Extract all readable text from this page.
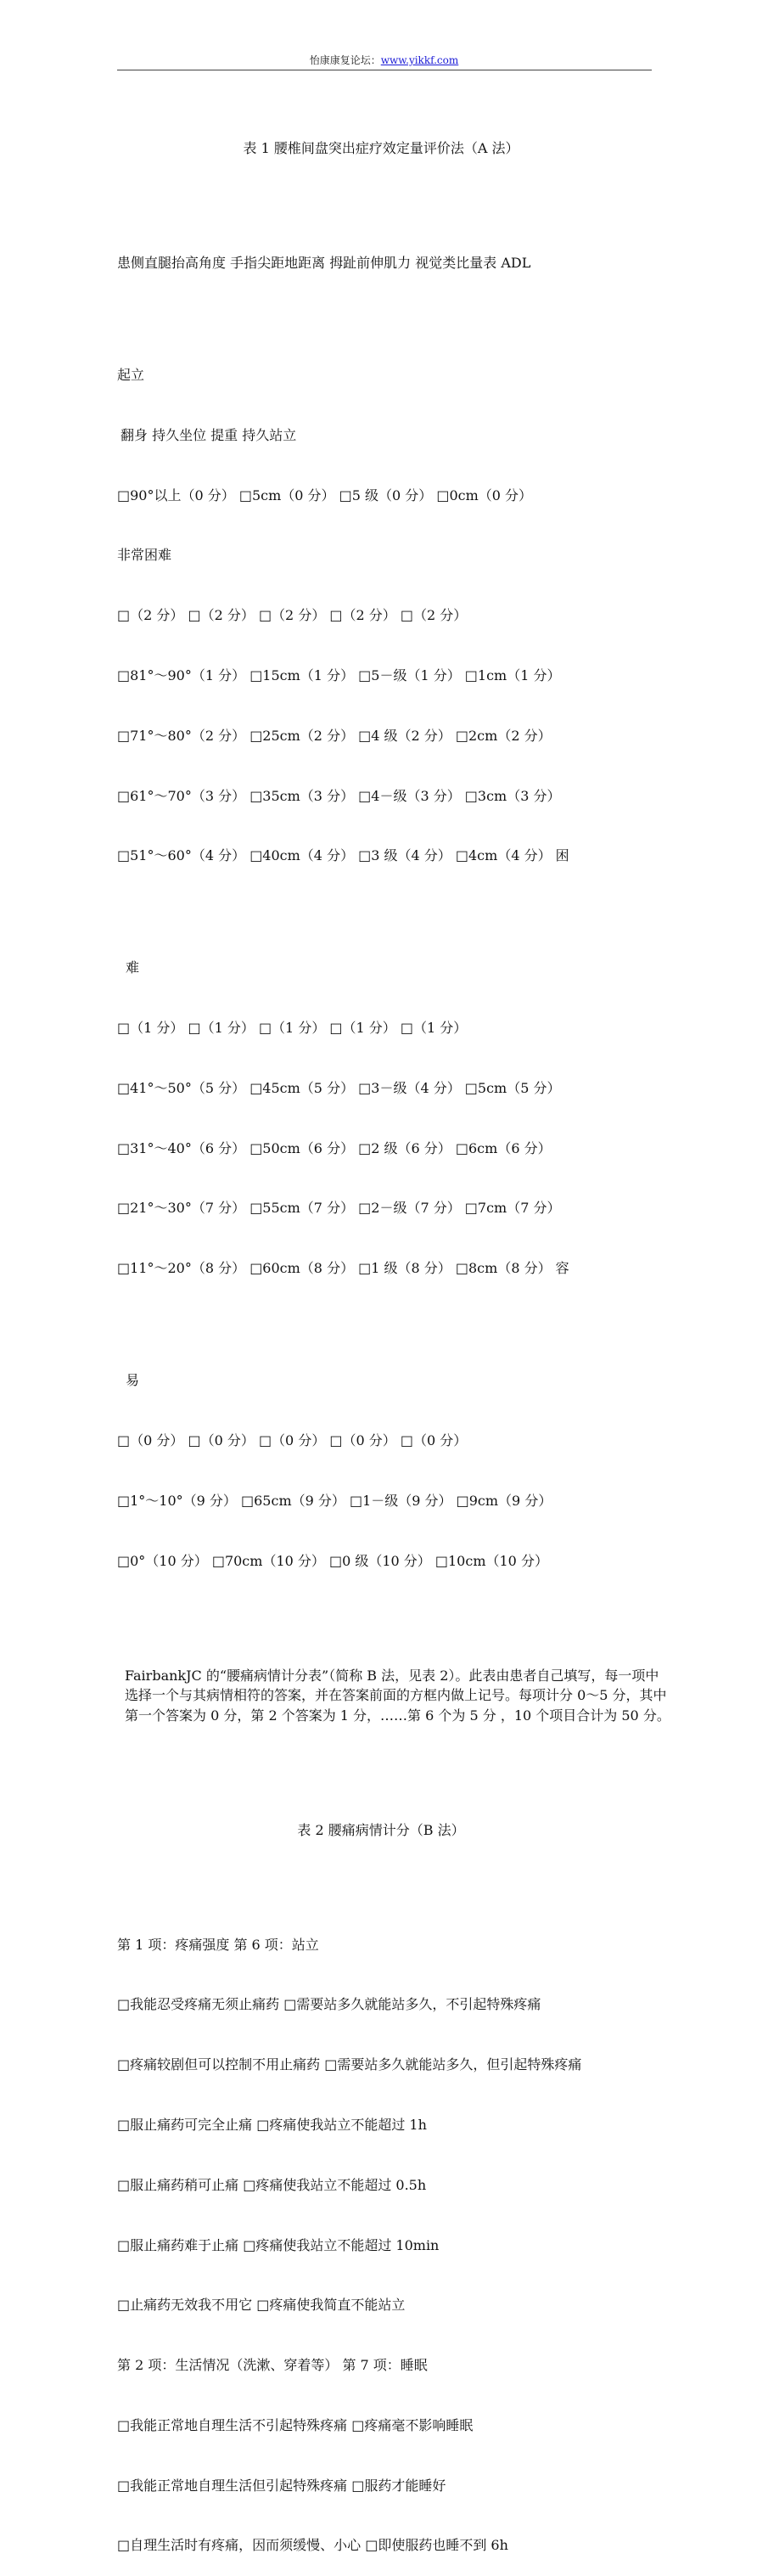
怡康康复论坛：www.yikkf.com

表 1 腰椎间盘突出症疗效定量评价法（A 法）

患侧直腿抬高角度 手指尖距地距离 拇趾前伸肌力 视觉类比量表 ADL

起立

翻身 持久坐位 提重 持久站立

□90°以上（0 分） □5cm（0 分） □5 级（0 分） □0cm（0 分）

非常困难

□（2 分） □（2 分） □（2 分） □（2 分） □（2 分）

□81°～90°（1 分） □15cm（1 分） □5－级（1 分） □1cm（1 分）

□71°～80°（2 分） □25cm（2 分） □4 级（2 分） □2cm（2 分）

□61°～70°（3 分） □35cm（3 分） □4－级（3 分） □3cm（3 分）

□51°～60°（4 分） □40cm（4 分） □3 级（4 分） □4cm（4 分） 困

难

□（1 分） □（1 分） □（1 分） □（1 分） □（1 分）

□41°～50°（5 分） □45cm（5 分） □3－级（4 分） □5cm（5 分）

□31°～40°（6 分） □50cm（6 分） □2 级（6 分） □6cm（6 分）

□21°～30°（7 分） □55cm（7 分） □2－级（7 分） □7cm（7 分）

□11°～20°（8 分） □60cm（8 分） □1 级（8 分） □8cm（8 分） 容

易

□（0 分） □（0 分） □（0 分） □（0 分） □（0 分）

□1°～10°（9 分） □65cm（9 分） □1－级（9 分） □9cm（9 分）

□0°（10 分） □70cm（10 分） □0 级（10 分） □10cm（10 分）

FairbankJC 的“腰痛病情计分表”（简称 B 法，见表 2）。此表由患者自己填写，每一项中选择一个与其病情相符的答案，并在答案前面的方框内做上记号。每项计分 0～5 分，其中第一个答案为 0 分，第 2 个答案为 1 分，……第 6 个为 5 分 ，10 个项目合计为 50 分。

表 2 腰痛病情计分（B 法）

第 1 项：疼痛强度 第 6 项：站立

□我能忍受疼痛无须止痛药 □需要站多久就能站多久，不引起特殊疼痛

□疼痛较剧但可以控制不用止痛药 □需要站多久就能站多久，但引起特殊疼痛

□服止痛药可完全止痛 □疼痛使我站立不能超过 1h

□服止痛药稍可止痛 □疼痛使我站立不能超过 0.5h

□服止痛药难于止痛 □疼痛使我站立不能超过 10min

□止痛药无效我不用它 □疼痛使我简直不能站立

第 2 项：生活情况（洗漱、穿着等） 第 7 项：睡眠

□我能正常地自理生活不引起特殊疼痛 □疼痛毫不影响睡眠

□我能正常地自理生活但引起特殊疼痛 □服药才能睡好

□自理生活时有疼痛，因而须缓慢、小心 □即使服药也睡不到 6h
